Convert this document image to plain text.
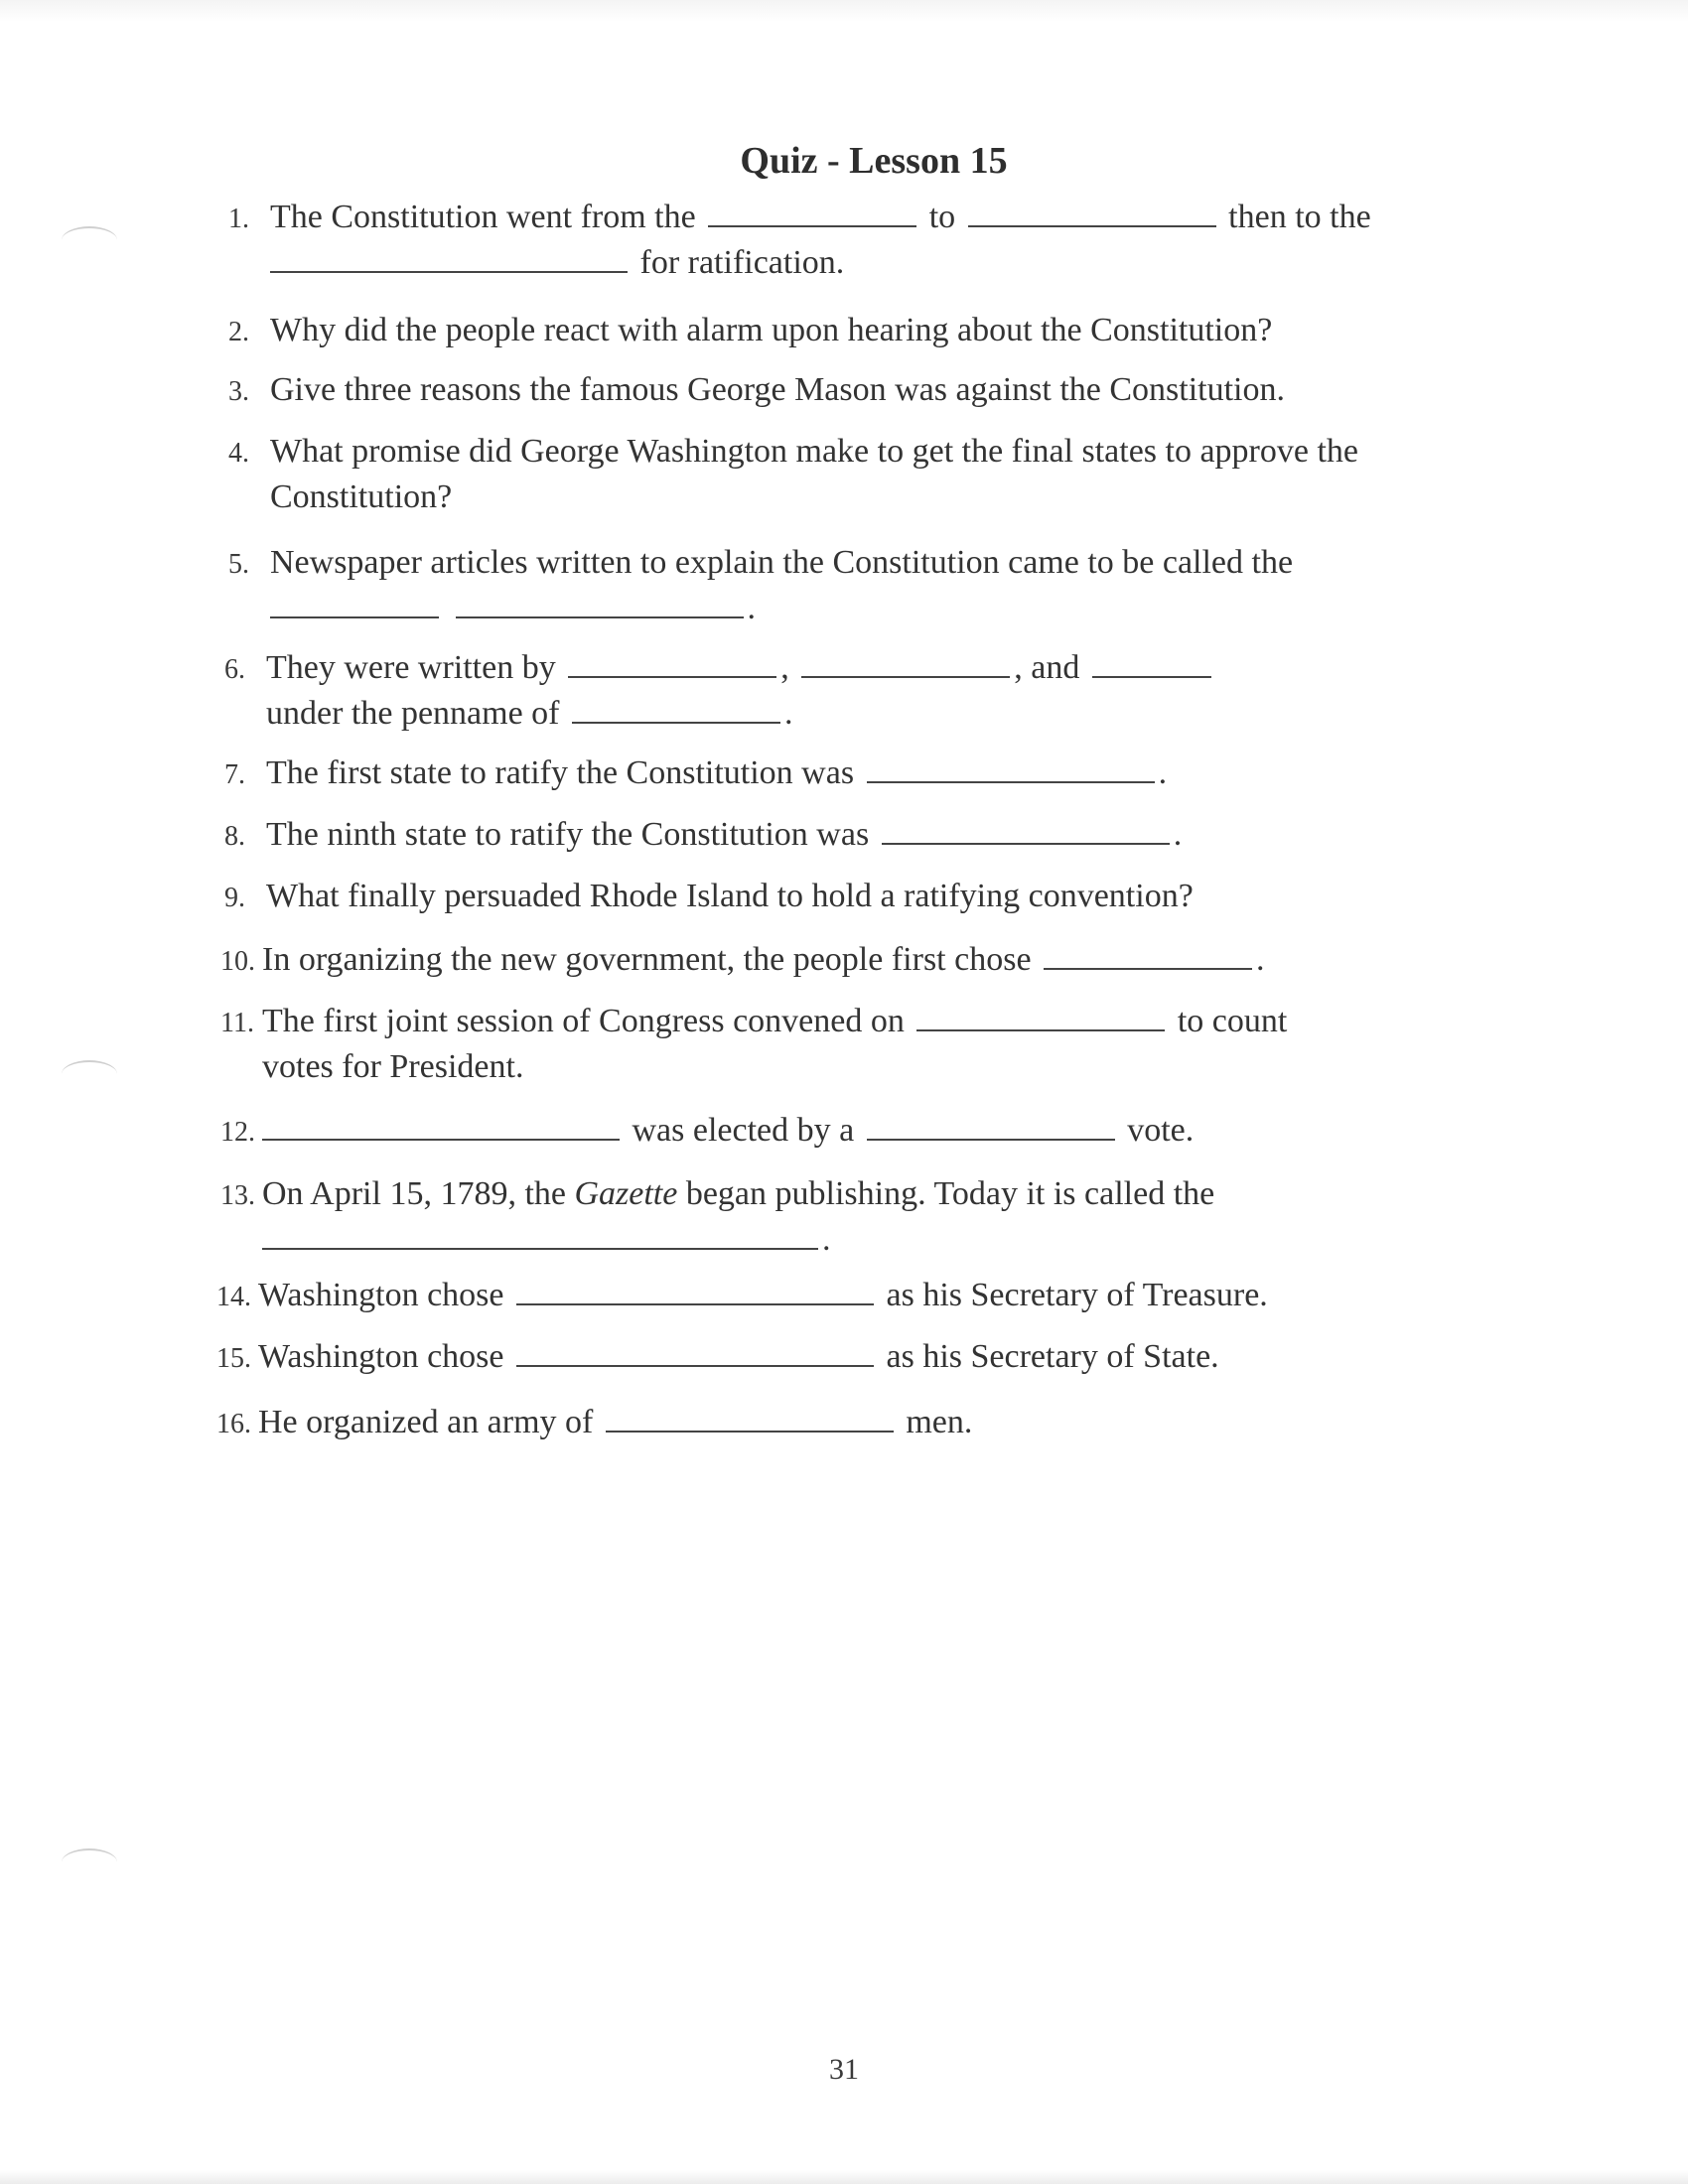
Quiz - Lesson 15
1. The Constitution went from the	to	then to the
for ratification.
2. Why did the people react with alarm upon hearing about the Constitution?
3. Give three reasons the famous George Mason was against the Constitution.
4. What promise did George Washington make to get the final states to approve the
Constitution?
5. Newspaper articles written to explain the Constitution came to be called the
.
6. They were written by	,	, and
under the penname of	.
7. The first state to ratify the Constitution was	.
8. The ninth state to ratify the Constitution was	.
9. What finally persuaded Rhode Island to hold a ratifying convention?
10. In organizing the new government, the people first chose	.
11. The first joint session of Congress convened on	to count
votes for President.
12.	was elected by a	vote.
13. On April 15, 1789, the Gazette began publishing. Today it is called the
.
14. Washington chose	as his Secretary of Treasure.
15. Washington chose	as his Secretary of State.
16. He organized an army of	men.
31
